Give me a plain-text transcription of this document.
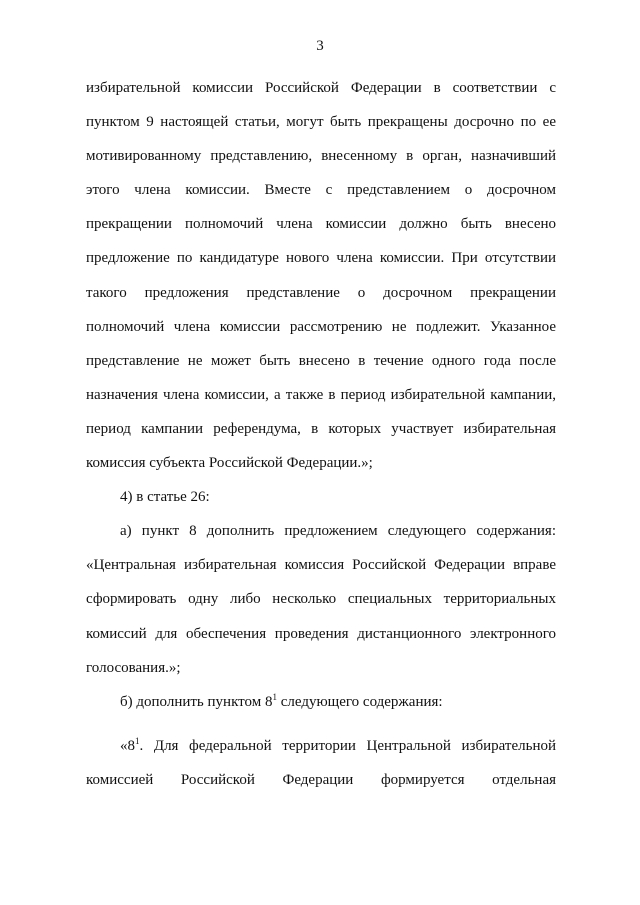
3
избирательной комиссии Российской Федерации в соответствии с
пунктом 9 настоящей статьи, могут быть прекращены досрочно по ее
мотивированному представлению, внесенному в орган, назначивший
этого члена комиссии. Вместе с представлением о досрочном
прекращении полномочий члена комиссии должно быть внесено
предложение по кандидатуре нового члена комиссии. При отсутствии
такого предложения представление о досрочном прекращении
полномочий члена комиссии рассмотрению не подлежит. Указанное
представление не может быть внесено в течение одного года после
назначения члена комиссии, а также в период избирательной кампании,
период кампании референдума, в которых участвует избирательная
комиссия субъекта Российской Федерации.»;
4) в статье 26:
а) пункт 8 дополнить предложением следующего содержания:
«Центральная избирательная комиссия Российской Федерации вправе
сформировать одну либо несколько специальных территориальных
комиссий для обеспечения проведения дистанционного электронного
голосования.»;
б) дополнить пунктом $8^1$ следующего содержания:
«$8^1$. Для федеральной территории Центральной избирательной
комиссией Российской Федерации формируется отдельная
